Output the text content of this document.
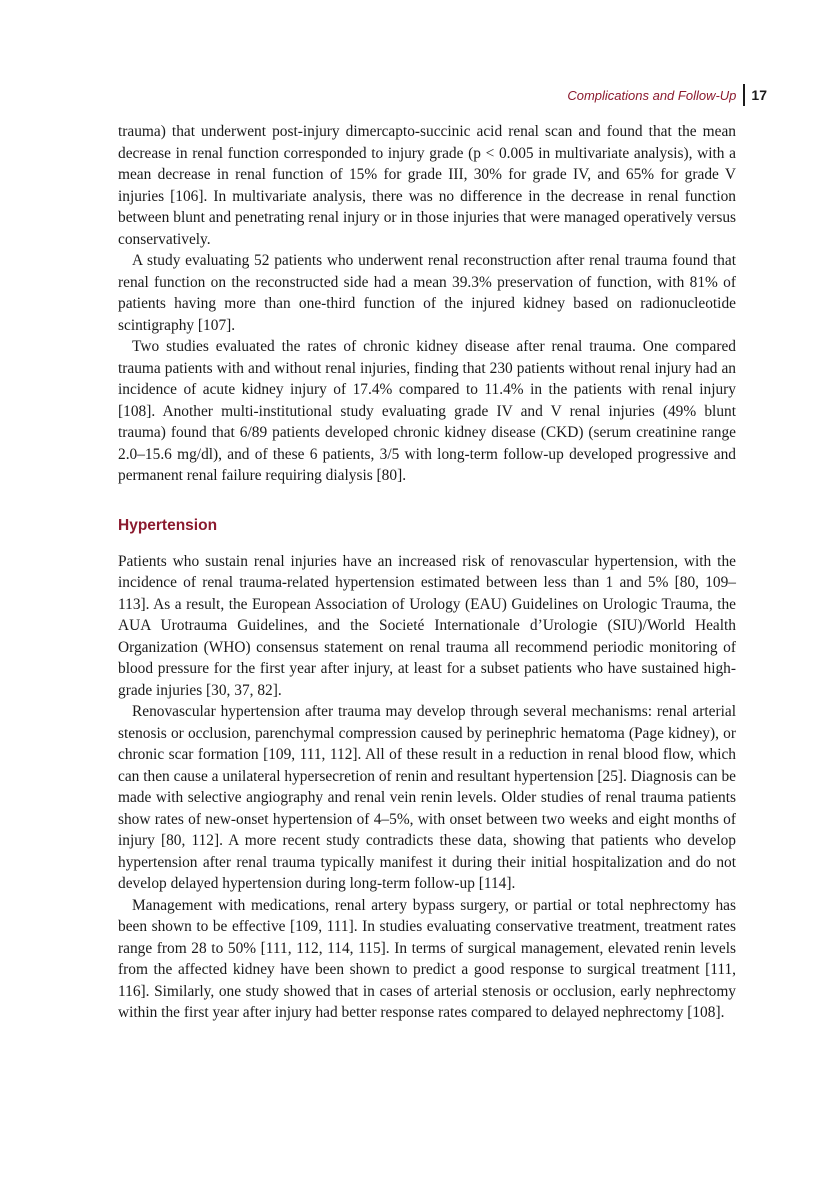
Complications and Follow-Up 17

trauma) that underwent post-injury dimercapto-succinic acid renal scan and found that the mean decrease in renal function corresponded to injury grade (p < 0.005 in multivariate analysis), with a mean decrease in renal function of 15% for grade III, 30% for grade IV, and 65% for grade V injuries [106]. In multivariate analysis, there was no difference in the decrease in renal function between blunt and penetrating renal injury or in those injuries that were managed operatively versus conservatively.

A study evaluating 52 patients who underwent renal reconstruction after renal trauma found that renal function on the reconstructed side had a mean 39.3% preservation of function, with 81% of patients having more than one-third function of the injured kidney based on radionucleotide scintigraphy [107].

Two studies evaluated the rates of chronic kidney disease after renal trauma. One compared trauma patients with and without renal injuries, finding that 230 patients without renal injury had an incidence of acute kidney injury of 17.4% compared to 11.4% in the patients with renal injury [108]. Another multi-institutional study evaluating grade IV and V renal injuries (49% blunt trauma) found that 6/89 patients developed chronic kidney disease (CKD) (serum creatinine range 2.0–15.6 mg/dl), and of these 6 patients, 3/5 with long-term follow-up developed progressive and permanent renal failure requiring dialysis [80].

Hypertension

Patients who sustain renal injuries have an increased risk of renovascular hypertension, with the incidence of renal trauma-related hypertension estimated between less than 1 and 5% [80, 109–113]. As a result, the European Association of Urology (EAU) Guidelines on Urologic Trauma, the AUA Urotrauma Guidelines, and the Societé Internationale d’Urologie (SIU)/World Health Organization (WHO) consensus statement on renal trauma all recommend periodic monitoring of blood pressure for the first year after injury, at least for a subset patients who have sustained high-grade injuries [30, 37, 82].

Renovascular hypertension after trauma may develop through several mechanisms: renal arterial stenosis or occlusion, parenchymal compression caused by perinephric hematoma (Page kidney), or chronic scar formation [109, 111, 112]. All of these result in a reduction in renal blood flow, which can then cause a unilateral hypersecretion of renin and resultant hypertension [25]. Diagnosis can be made with selective angiography and renal vein renin levels. Older studies of renal trauma patients show rates of new-onset hypertension of 4–5%, with onset between two weeks and eight months of injury [80, 112]. A more recent study contradicts these data, showing that patients who develop hypertension after renal trauma typically manifest it during their initial hospitalization and do not develop delayed hypertension during long-term follow-up [114].

Management with medications, renal artery bypass surgery, or partial or total nephrectomy has been shown to be effective [109, 111]. In studies evaluating conservative treatment, treatment rates range from 28 to 50% [111, 112, 114, 115]. In terms of surgical management, elevated renin levels from the affected kidney have been shown to predict a good response to surgical treatment [111, 116]. Similarly, one study showed that in cases of arterial stenosis or occlusion, early nephrectomy within the first year after injury had better response rates compared to delayed nephrectomy [108].
